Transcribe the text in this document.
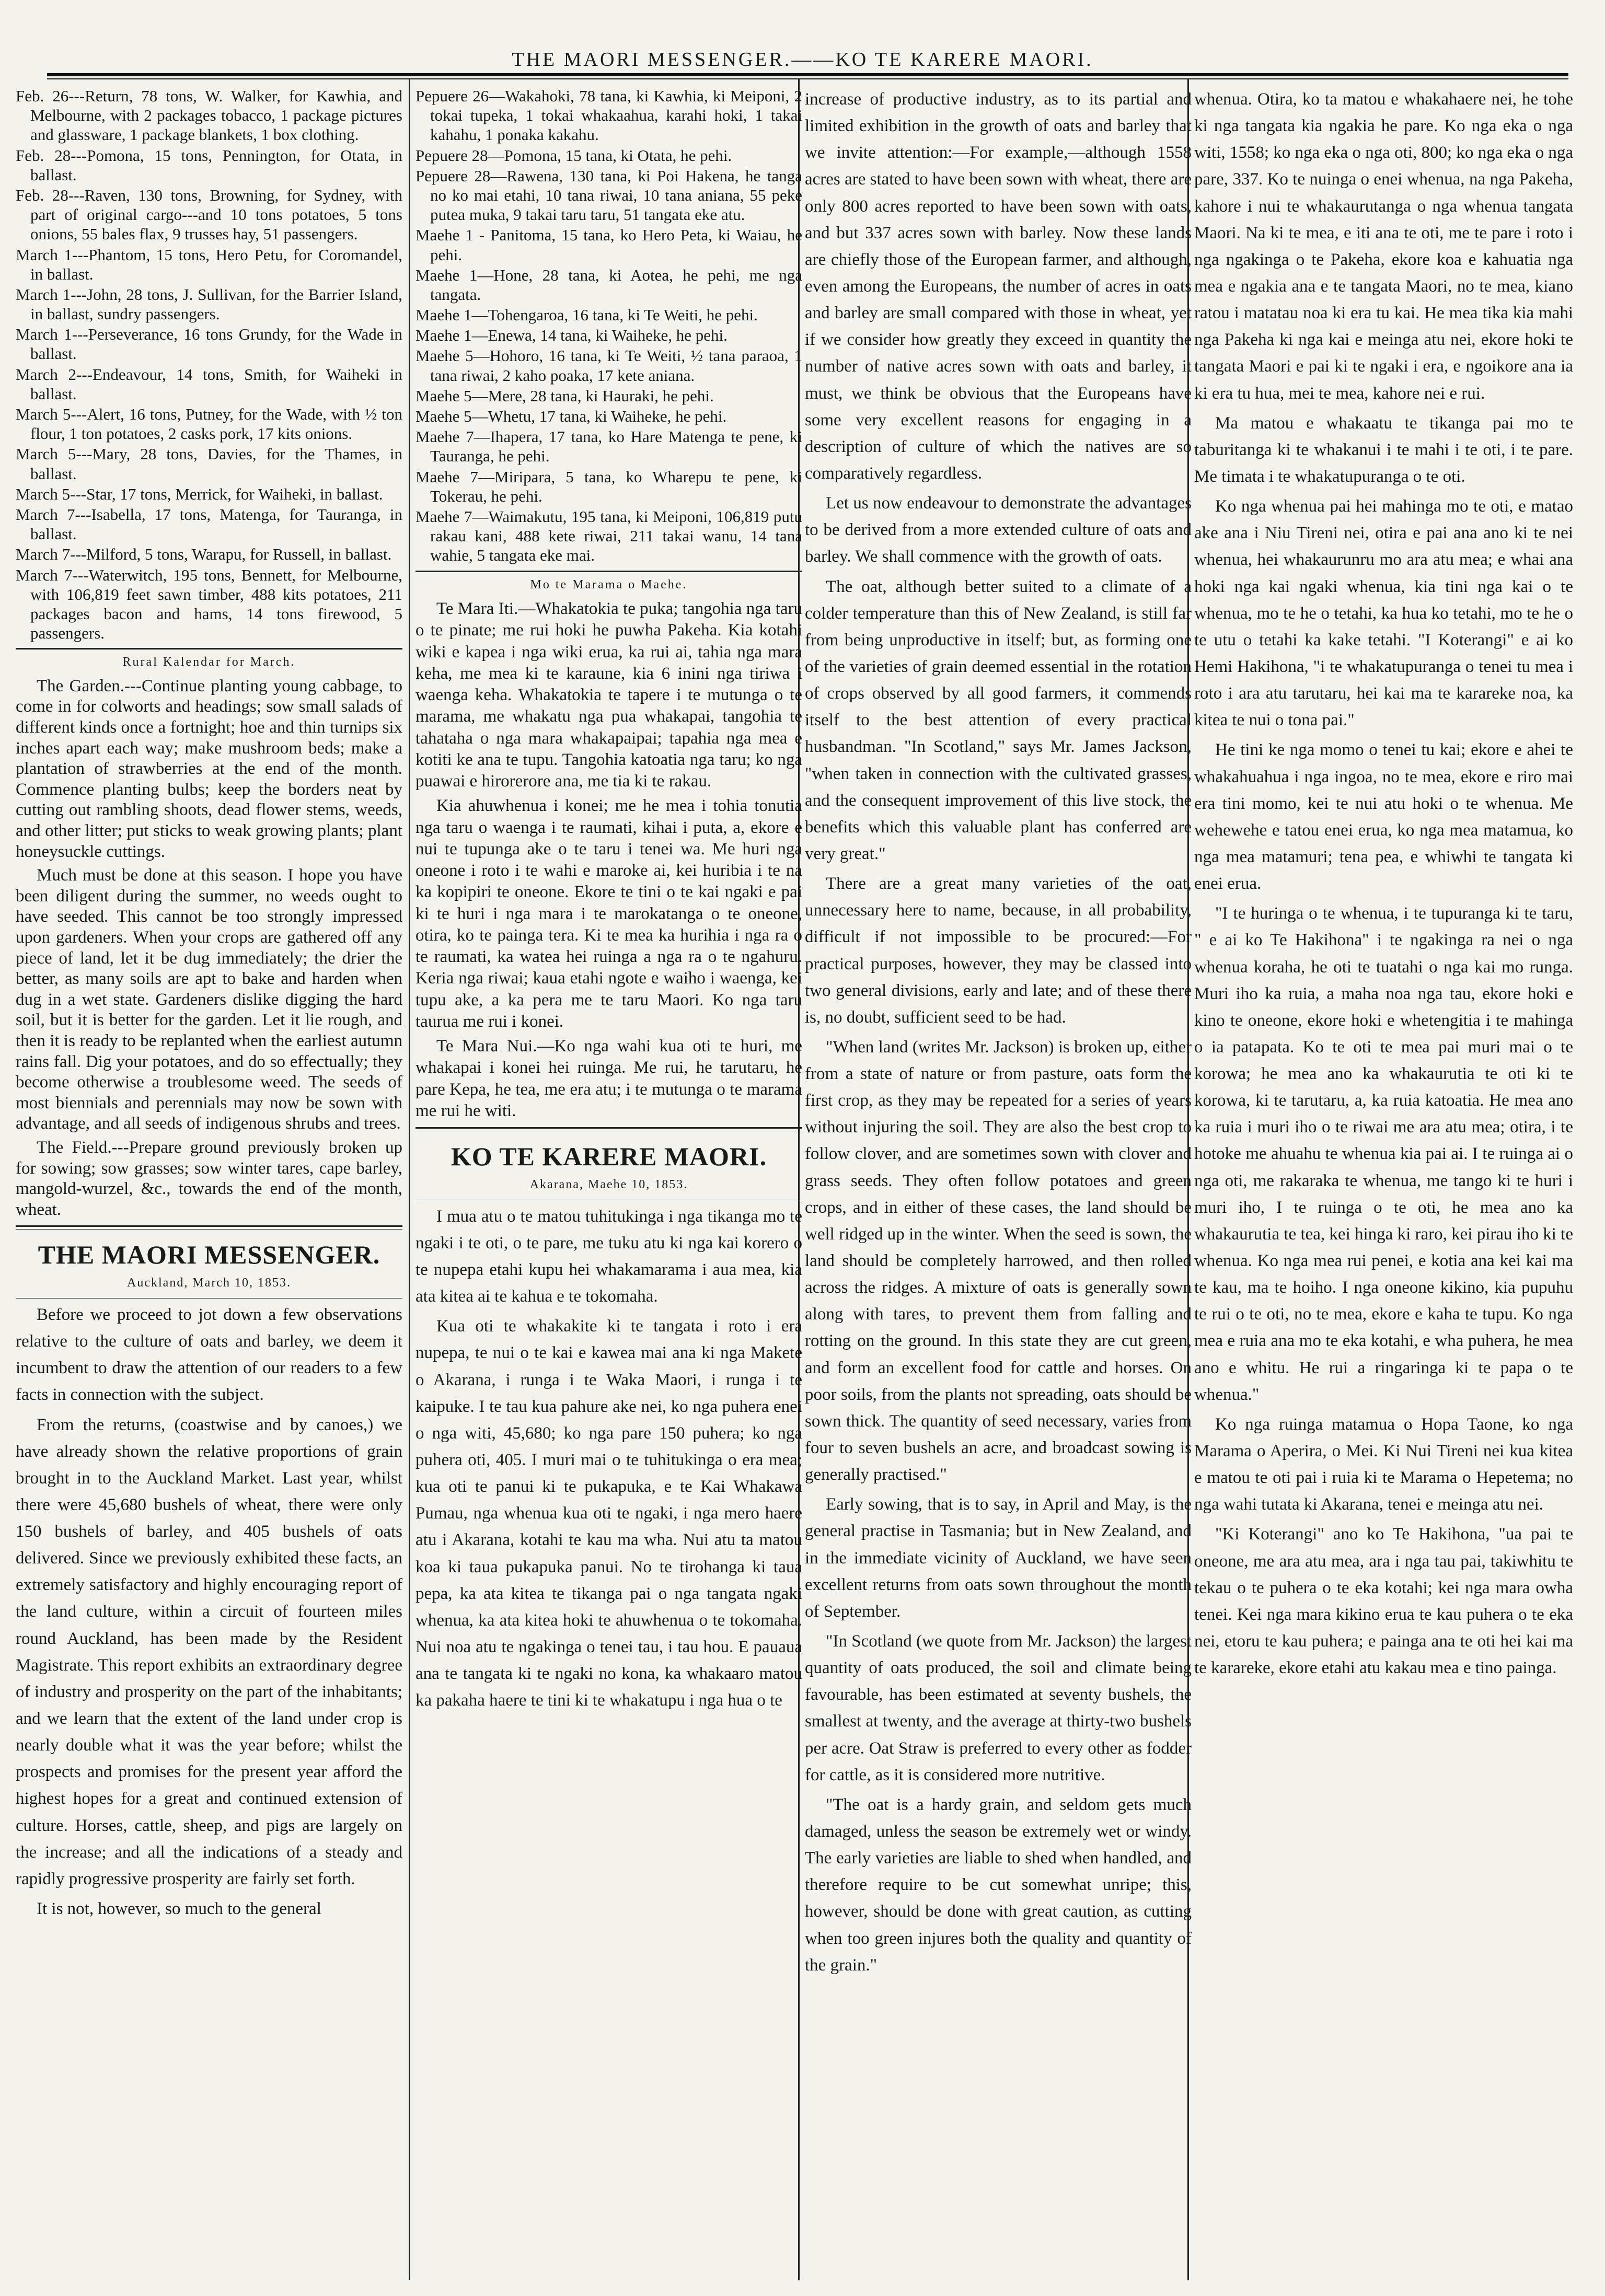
THE MAORI MESSENGER.——KO TE KARERE MAORI.

Feb. 26---Return, 78 tons, W. Walker, for Kawhia, and Melbourne, with 2 packages tobacco, 1 package pictures and glassware, 1 package blankets, 1 box clothing.

Feb. 28---Pomona, 15 tons, Pennington, for Otata, in ballast.

Feb. 28---Raven, 130 tons, Browning, for Sydney, with part of original cargo---and 10 tons potatoes, 5 tons onions, 55 bales flax, 9 trusses hay, 51 passengers.

March 1---Phantom, 15 tons, Hero Petu, for Coromandel, in ballast.

March 1---John, 28 tons, J. Sullivan, for the Barrier Island, in ballast, sundry passengers.

March 1---Perseverance, 16 tons Grundy, for the Wade in ballast.

March 2---Endeavour, 14 tons, Smith, for Waiheki in ballast.

March 5---Alert, 16 tons, Putney, for the Wade, with ½ ton flour, 1 ton potatoes, 2 casks pork, 17 kits onions.

March 5---Mary, 28 tons, Davies, for the Thames, in ballast.

March 5---Star, 17 tons, Merrick, for Waiheki, in ballast.

March 7---Isabella, 17 tons, Matenga, for Tauranga, in ballast.

March 7---Milford, 5 tons, Warapu, for Russell, in ballast.

March 7---Waterwitch, 195 tons, Bennett, for Melbourne, with 106,819 feet sawn timber, 488 kits potatoes, 211 packages bacon and hams, 14 tons firewood, 5 passengers.

Rural Kalendar for March.

The Garden.---Continue planting young cabbage, to come in for colworts and headings; sow small salads of different kinds once a fortnight; hoe and thin turnips six inches apart each way; make mushroom beds; make a plantation of strawberries at the end of the month. Commence planting bulbs; keep the borders neat by cutting out rambling shoots, dead flower stems, weeds, and other litter; put sticks to weak growing plants; plant honeysuckle cuttings.

Much must be done at this season. I hope you have been diligent during the summer, no weeds ought to have seeded. This cannot be too strongly impressed upon gardeners. When your crops are gathered off any piece of land, let it be dug immediately; the drier the better, as many soils are apt to bake and harden when dug in a wet state. Gardeners dislike digging the hard soil, but it is better for the garden. Let it lie rough, and then it is ready to be replanted when the earliest autumn rains fall. Dig your potatoes, and do so effectually; they become otherwise a troublesome weed. The seeds of most biennials and perennials may now be sown with advantage, and all seeds of indigenous shrubs and trees.

The Field.---Prepare ground previously broken up for sowing; sow grasses; sow winter tares, cape barley, mangold-wurzel, &c., towards the end of the month, wheat.

THE MAORI MESSENGER.
Auckland, March 10, 1853.

Before we proceed to jot down a few observations relative to the culture of oats and barley, we deem it incumbent to draw the attention of our readers to a few facts in connection with the subject.

From the returns, (coastwise and by canoes,) we have already shown the relative proportions of grain brought in to the Auckland Market. Last year, whilst there were 45,680 bushels of wheat, there were only 150 bushels of barley, and 405 bushels of oats delivered. Since we previously exhibited these facts, an extremely satisfactory and highly encouraging report of the land culture, within a circuit of fourteen miles round Auckland, has been made by the Resident Magistrate. This report exhibits an extraordinary degree of industry and prosperity on the part of the inhabitants; and we learn that the extent of the land under crop is nearly double what it was the year before; whilst the prospects and promises for the present year afford the highest hopes for a great and continued extension of culture. Horses, cattle, sheep, and pigs are largely on the increase; and all the indications of a steady and rapidly progressive prosperity are fairly set forth.

It is not, however, so much to the general

Pepuere 26—Wakahoki, 78 tana, ki Kawhia, ki Meiponi, 2 tokai tupeka, 1 tokai whakaahua, karahi hoki, 1 takai kahahu, 1 ponaka kakahu.

Pepuere 28—Pomona, 15 tana, ki Otata, he pehi.

Pepuere 28—Rawena, 130 tana, ki Poi Hakena, he tanga no ko mai etahi, 10 tana riwai, 10 tana aniana, 55 peke putea muka, 9 takai taru taru, 51 tangata eke atu.

Maehe 1 - Panitoma, 15 tana, ko Hero Peta, ki Waiau, he pehi.

Maehe 1—Hone, 28 tana, ki Aotea, he pehi, me nga tangata.

Maehe 1—Tohengaroa, 16 tana, ki Te Weiti, he pehi.

Maehe 1—Enewa, 14 tana, ki Waiheke, he pehi.

Maehe 5—Hohoro, 16 tana, ki Te Weiti, ½ tana paraoa, 1 tana riwai, 2 kaho poaka, 17 kete aniana.

Maehe 5—Mere, 28 tana, ki Hauraki, he pehi.

Maehe 5—Whetu, 17 tana, ki Waiheke, he pehi.

Maehe 7—Ihapera, 17 tana, ko Hare Matenga te pene, ki Tauranga, he pehi.

Maehe 7—Miripara, 5 tana, ko Wharepu te pene, ki Tokerau, he pehi.

Maehe 7—Waimakutu, 195 tana, ki Meiponi, 106,819 putu rakau kani, 488 kete riwai, 211 takai wanu, 14 tana wahie, 5 tangata eke mai.

Mo te Marama o Maehe.

Te Mara Iti.—Whakatokia te puka; tangohia nga taru o te pinate; me rui hoki he puwha Pakeha. Kia kotahi wiki e kapea i nga wiki erua, ka rui ai, tahia nga mara keha, me mea ki te karaune, kia 6 inini nga tiriwa i waenga keha. Whakatokia te tapere i te mutunga o te marama, me whakatu nga pua whakapai, tangohia te tahataha o nga mara whakapaipai; tapahia nga mea e kotiti ke ana te tupu. Tangohia katoatia nga taru; ko nga puawai e hirorerore ana, me tia ki te rakau.

Kia ahuwhenua i konei; me he mea i tohia tonutia nga taru o waenga i te raumati, kihai i puta, a, ekore e nui te tupunga ake o te taru i tenei wa. Me huri nga oneone i roto i te wahi e maroke ai, kei huribia i te na ka kopipiri te oneone. Ekore te tini o te kai ngaki e pai ki te huri i nga mara i te marokatanga o te oneone, otira, ko te painga tera. Ki te mea ka hurihia i nga ra o te raumati, ka watea hei ruinga a nga ra o te ngahuru. Keria nga riwai; kaua etahi ngote e waiho i waenga, kei tupu ake, a ka pera me te taru Maori. Ko nga taru taurua me rui i konei.

Te Mara Nui.—Ko nga wahi kua oti te huri, me whakapai i konei hei ruinga. Me rui, he tarutaru, he pare Kepa, he tea, me era atu; i te mutunga o te marama me rui he witi.

KO TE KARERE MAORI.
Akarana, Maehe 10, 1853.

I mua atu o te matou tuhitukinga i nga tikanga mo te ngaki i te oti, o te pare, me tuku atu ki nga kai korero o te nupepa etahi kupu hei whakamarama i aua mea, kia ata kitea ai te kahua e te tokomaha.

Kua oti te whakakite ki te tangata i roto i era nupepa, te nui o te kai e kawea mai ana ki nga Makete o Akarana, i runga i te Waka Maori, i runga i te kaipuke. I te tau kua pahure ake nei, ko nga puhera enei o nga witi, 45,680; ko nga pare 150 puhera; ko nga puhera oti, 405. I muri mai o te tuhitukinga o era mea; kua oti te panui ki te pukapuka, e te Kai Whakawa Pumau, nga whenua kua oti te ngaki, i nga mero haere atu i Akarana, kotahi te kau ma wha. Nui atu ta matou koa ki taua pukapuka panui. No te tirohanga ki taua pepa, ka ata kitea te tikanga pai o nga tangata ngaki whenua, ka ata kitea hoki te ahuwhenua o te tokomaha. Nui noa atu te ngakinga o tenei tau, i tau hou. E pauaua ana te tangata ki te ngaki no kona, ka whakaaro matou ka pakaha haere te tini ki te whakatupu i nga hua o te

increase of productive industry, as to its partial and limited exhibition in the growth of oats and barley that we invite attention:—For example,—although 1558 acres are stated to have been sown with wheat, there are only 800 acres reported to have been sown with oats, and but 337 acres sown with barley. Now these lands are chiefly those of the European farmer, and although, even among the Europeans, the number of acres in oats and barley are small compared with those in wheat, yet if we consider how greatly they exceed in quantity the number of native acres sown with oats and barley, it must, we think be obvious that the Europeans have some very excellent reasons for engaging in a description of culture of which the natives are so comparatively regardless.

Let us now endeavour to demonstrate the advantages to be derived from a more extended culture of oats and barley. We shall commence with the growth of oats.

The oat, although better suited to a climate of a colder temperature than this of New Zealand, is still far from being unproductive in itself; but, as forming one of the varieties of grain deemed essential in the rotation of crops observed by all good farmers, it commends itself to the best attention of every practical husbandman. "In Scotland," says Mr. James Jackson, "when taken in connection with the cultivated grasses, and the consequent improvement of this live stock, the benefits which this valuable plant has conferred are very great."

There are a great many varieties of the oat, unnecessary here to name, because, in all probability, difficult if not impossible to be procured:—For practical purposes, however, they may be classed into two general divisions, early and late; and of these there is, no doubt, sufficient seed to be had.

"When land (writes Mr. Jackson) is broken up, either from a state of nature or from pasture, oats form the first crop, as they may be repeated for a series of years without injuring the soil. They are also the best crop to follow clover, and are sometimes sown with clover and grass seeds. They often follow potatoes and green crops, and in either of these cases, the land should be well ridged up in the winter. When the seed is sown, the land should be completely harrowed, and then rolled across the ridges. A mixture of oats is generally sown along with tares, to prevent them from falling and rotting on the ground. In this state they are cut green, and form an excellent food for cattle and horses. On poor soils, from the plants not spreading, oats should be sown thick. The quantity of seed necessary, varies from four to seven bushels an acre, and broadcast sowing is generally practised."

Early sowing, that is to say, in April and May, is the general practise in Tasmania; but in New Zealand, and in the immediate vicinity of Auckland, we have seen excellent returns from oats sown throughout the month of September.

"In Scotland (we quote from Mr. Jackson) the largest quantity of oats produced, the soil and climate being favourable, has been estimated at seventy bushels, the smallest at twenty, and the average at thirty-two bushels per acre. Oat Straw is preferred to every other as fodder for cattle, as it is considered more nutritive.

"The oat is a hardy grain, and seldom gets much damaged, unless the season be extremely wet or windy. The early varieties are liable to shed when handled, and therefore require to be cut somewhat unripe; this, however, should be done with great caution, as cutting when too green injures both the quality and quantity of the grain."

whenua. Otira, ko ta matou e whakahaere nei, he tohe ki nga tangata kia ngakia he pare. Ko nga eka o nga witi, 1558; ko nga eka o nga oti, 800; ko nga eka o nga pare, 337. Ko te nuinga o enei whenua, na nga Pakeha, kahore i nui te whakaurutanga o nga whenua tangata Maori. Na ki te mea, e iti ana te oti, me te pare i roto i nga ngakinga o te Pakeha, ekore koa e kahuatia nga mea e ngakia ana e te tangata Maori, no te mea, kiano ratou i matatau noa ki era tu kai. He mea tika kia mahi nga Pakeha ki nga kai e meinga atu nei, ekore hoki te tangata Maori e pai ki te ngaki i era, e ngoikore ana ia ki era tu hua, mei te mea, kahore nei e rui.

Ma matou e whakaatu te tikanga pai mo te taburitanga ki te whakanui i te mahi i te oti, i te pare. Me timata i te whakatupuranga o te oti.

Ko nga whenua pai hei mahinga mo te oti, e matao ake ana i Niu Tireni nei, otira e pai ana ano ki te nei whenua, hei whakaurunru mo ara atu mea; e whai ana hoki nga kai ngaki whenua, kia tini nga kai o te whenua, mo te he o tetahi, ka hua ko tetahi, mo te he o te utu o tetahi ka kake tetahi. "I Koterangi" e ai ko Hemi Hakihona, "i te whakatupuranga o tenei tu mea i roto i ara atu tarutaru, hei kai ma te karareke noa, ka kitea te nui o tona pai."

He tini ke nga momo o tenei tu kai; ekore e ahei te whakahuahua i nga ingoa, no te mea, ekore e riro mai era tini momo, kei te nui atu hoki o te whenua. Me wehewehe e tatou enei erua, ko nga mea matamua, ko nga mea matamuri; tena pea, e whiwhi te tangata ki enei erua.

"I te huringa o te whenua, i te tupuranga ki te taru, " e ai ko Te Hakihona" i te ngakinga ra nei o nga whenua koraha, he oti te tuatahi o nga kai mo runga. Muri iho ka ruia, a maha noa nga tau, ekore hoki e kino te oneone, ekore hoki e whetengitia i te mahinga o ia patapata. Ko te oti te mea pai muri mai o te korowa; he mea ano ka whakaurutia te oti ki te korowa, ki te tarutaru, a, ka ruia katoatia. He mea ano ka ruia i muri iho o te riwai me ara atu mea; otira, i te hotoke me ahuahu te whenua kia pai ai. I te ruinga ai o nga oti, me rakaraka te whenua, me tango ki te huri i muri iho, I te ruinga o te oti, he mea ano ka whakaurutia te tea, kei hinga ki raro, kei pirau iho ki te whenua. Ko nga mea rui penei, e kotia ana kei kai ma te kau, ma te hoiho. I nga oneone kikino, kia pupuhu te rui o te oti, no te mea, ekore e kaha te tupu. Ko nga mea e ruia ana mo te eka kotahi, e wha puhera, he mea ano e whitu. He rui a ringaringa ki te papa o te whenua."

Ko nga ruinga matamua o Hopa Taone, ko nga Marama o Aperira, o Mei. Ki Nui Tireni nei kua kitea e matou te oti pai i ruia ki te Marama o Hepetema; no nga wahi tutata ki Akarana, tenei e meinga atu nei.

"Ki Koterangi" ano ko Te Hakihona, "ua pai te oneone, me ara atu mea, ara i nga tau pai, takiwhitu te tekau o te puhera o te eka kotahi; kei nga mara owha tenei. Kei nga mara kikino erua te kau puhera o te eka nei, etoru te kau puhera; e painga ana te oti hei kai ma te karareke, ekore etahi atu kakau mea e tino painga.
